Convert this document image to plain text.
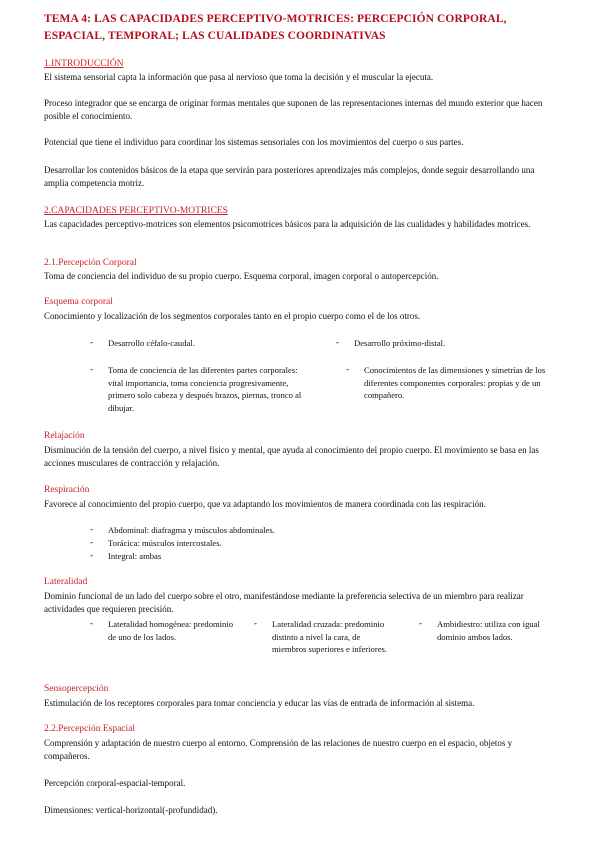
TEMA 4: LAS CAPACIDADES PERCEPTIVO-MOTRICES: PERCEPCIÓN CORPORAL, ESPACIAL, TEMPORAL; LAS CUALIDADES COORDINATIVAS
1.INTRODUCCIÓN
El sistema sensorial capta la información que pasa al nervioso que toma la decisión y el muscular la ejecuta.
Proceso integrador que se encarga de originar formas mentales que suponen de las representaciones internas del mundo exterior que hacen posible el conocimiento.
Potencial que tiene el individuo para coordinar los sistemas sensoriales con los movimientos del cuerpo o sus partes.
Desarrollar los contenidos básicos de la etapa que servirán para posteriores aprendizajes más complejos, donde seguir desarrollando una amplia competencia motriz.
2.CAPACIDADES PERCEPTIVO-MOTRICES
Las capacidades perceptivo-motrices son elementos psicomotrices básicos para la adquisición de las cualidades y habilidades motrices.
2.1.Percepción Corporal
Toma de conciencia del individuo de su propio cuerpo. Esquema corporal, imagen corporal o autopercepción.
Esquema corporal
Conocimiento y localización de los segmentos corporales tanto en el propio cuerpo como el de los otros.
- Desarrollo céfalo-caudal.	- Desarrollo próximo-distal.
- Toma de conciencia de las diferentes partes corporales: vital importancia, toma conciencia progresivamente, primero solo cabeza y después brazos, piernas, tronco al dibujar.
- Conocimientos de las dimensiones y simetrías de los diferentes componentes corporales: propias y de un compañero.
Relajación
Disminución de la tensión del cuerpo, a nivel físico y mental, que ayuda al conocimiento del propio cuerpo. El movimiento se basa en las acciones musculares de contracción y relajación.
Respiración
Favorece al conocimiento del propio cuerpo, que va adaptando los movimientos de manera coordinada con las respiración.
- Abdominal: diafragma y músculos abdominales.
- Torácica: músculos intercostales.
- Integral: ambas
Lateralidad
Dominio funcional de un lado del cuerpo sobre el otro, manifestándose mediante la preferencia selectiva de un miembro para realizar actividades que requieren precisión.
- Lateralidad homogénea: predominio de uno de los lados.
- Lateralidad cruzada: predominio distinto a nivel la cara, de miembros superiores e inferiores.
- Ambidiestro: utiliza con igual dominio ambos lados.
Sensopercepción
Estimulación de los receptores corporales para tomar conciencia y educar las vías de entrada de información al sistema.
2.2.Percepción Espacial
Comprensión y adaptación de nuestro cuerpo al entorno. Comprensión de las relaciones de nuestro cuerpo en el espacio, objetos y compañeros.
Percepción corporal-espacial-temporal.
Dimensiones: vertical-horizontal(-profundidad).
